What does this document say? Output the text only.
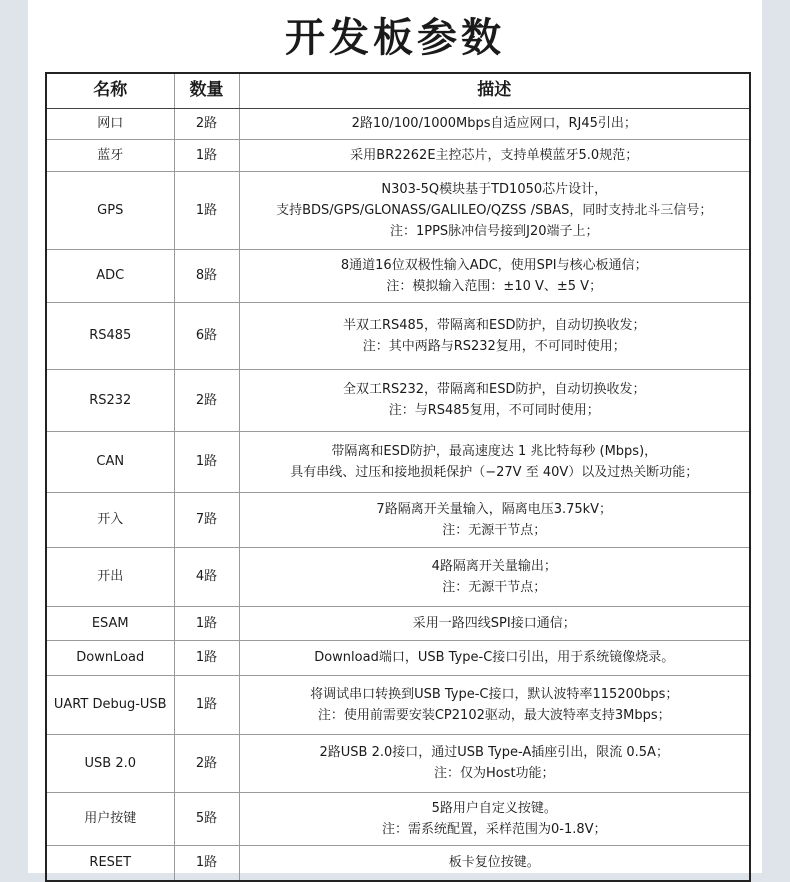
开发板参数
名称	数量	描述
网口	2路	2路10/100/1000Mbps自适应网口，RJ45引出；

蓝牙	1路	采用BR2262E主控芯片，支持单模蓝牙5.0规范；

GPS	1路	N303-5Q模块基于TD1050芯片设计，
支持BDS/GPS/GLONASS/GALILEO/QZSS /SBAS，同时支持北斗三信号；
注：1PPS脉冲信号接到J20端子上；

ADC	8路	8通道16位双极性输入ADC，使用SPI与核心板通信；
注：模拟输入范围：±10 V、±5 V；

RS485	6路	半双工RS485，带隔离和ESD防护，自动切换收发；
注：其中两路与RS232复用，不可同时使用；

RS232	2路	全双工RS232，带隔离和ESD防护，自动切换收发；
注：与RS485复用，不可同时使用；

CAN	1路	带隔离和ESD防护，最高速度达 1 兆比特每秒 (Mbps)，
具有串线、过压和接地损耗保护（−27V 至 40V）以及过热关断功能；

开入	7路	7路隔离开关量输入，隔离电压3.75kV；
注：无源干节点；

开出	4路	4路隔离开关量输出；
注：无源干节点；

ESAM	1路	采用一路四线SPI接口通信；

DownLoad	1路	Download端口，USB Type-C接口引出，用于系统镜像烧录。

UART Debug-USB	1路	将调试串口转换到USB Type-C接口，默认波特率115200bps；
注：使用前需要安装CP2102驱动，最大波特率支持3Mbps；

USB 2.0	2路	2路USB 2.0接口，通过USB Type-A插座引出，限流 0.5A；
注：仅为Host功能；

用户按键	5路	5路用户自定义按键。
注：需系统配置，采样范围为0-1.8V；

RESET	1路	板卡复位按键。
